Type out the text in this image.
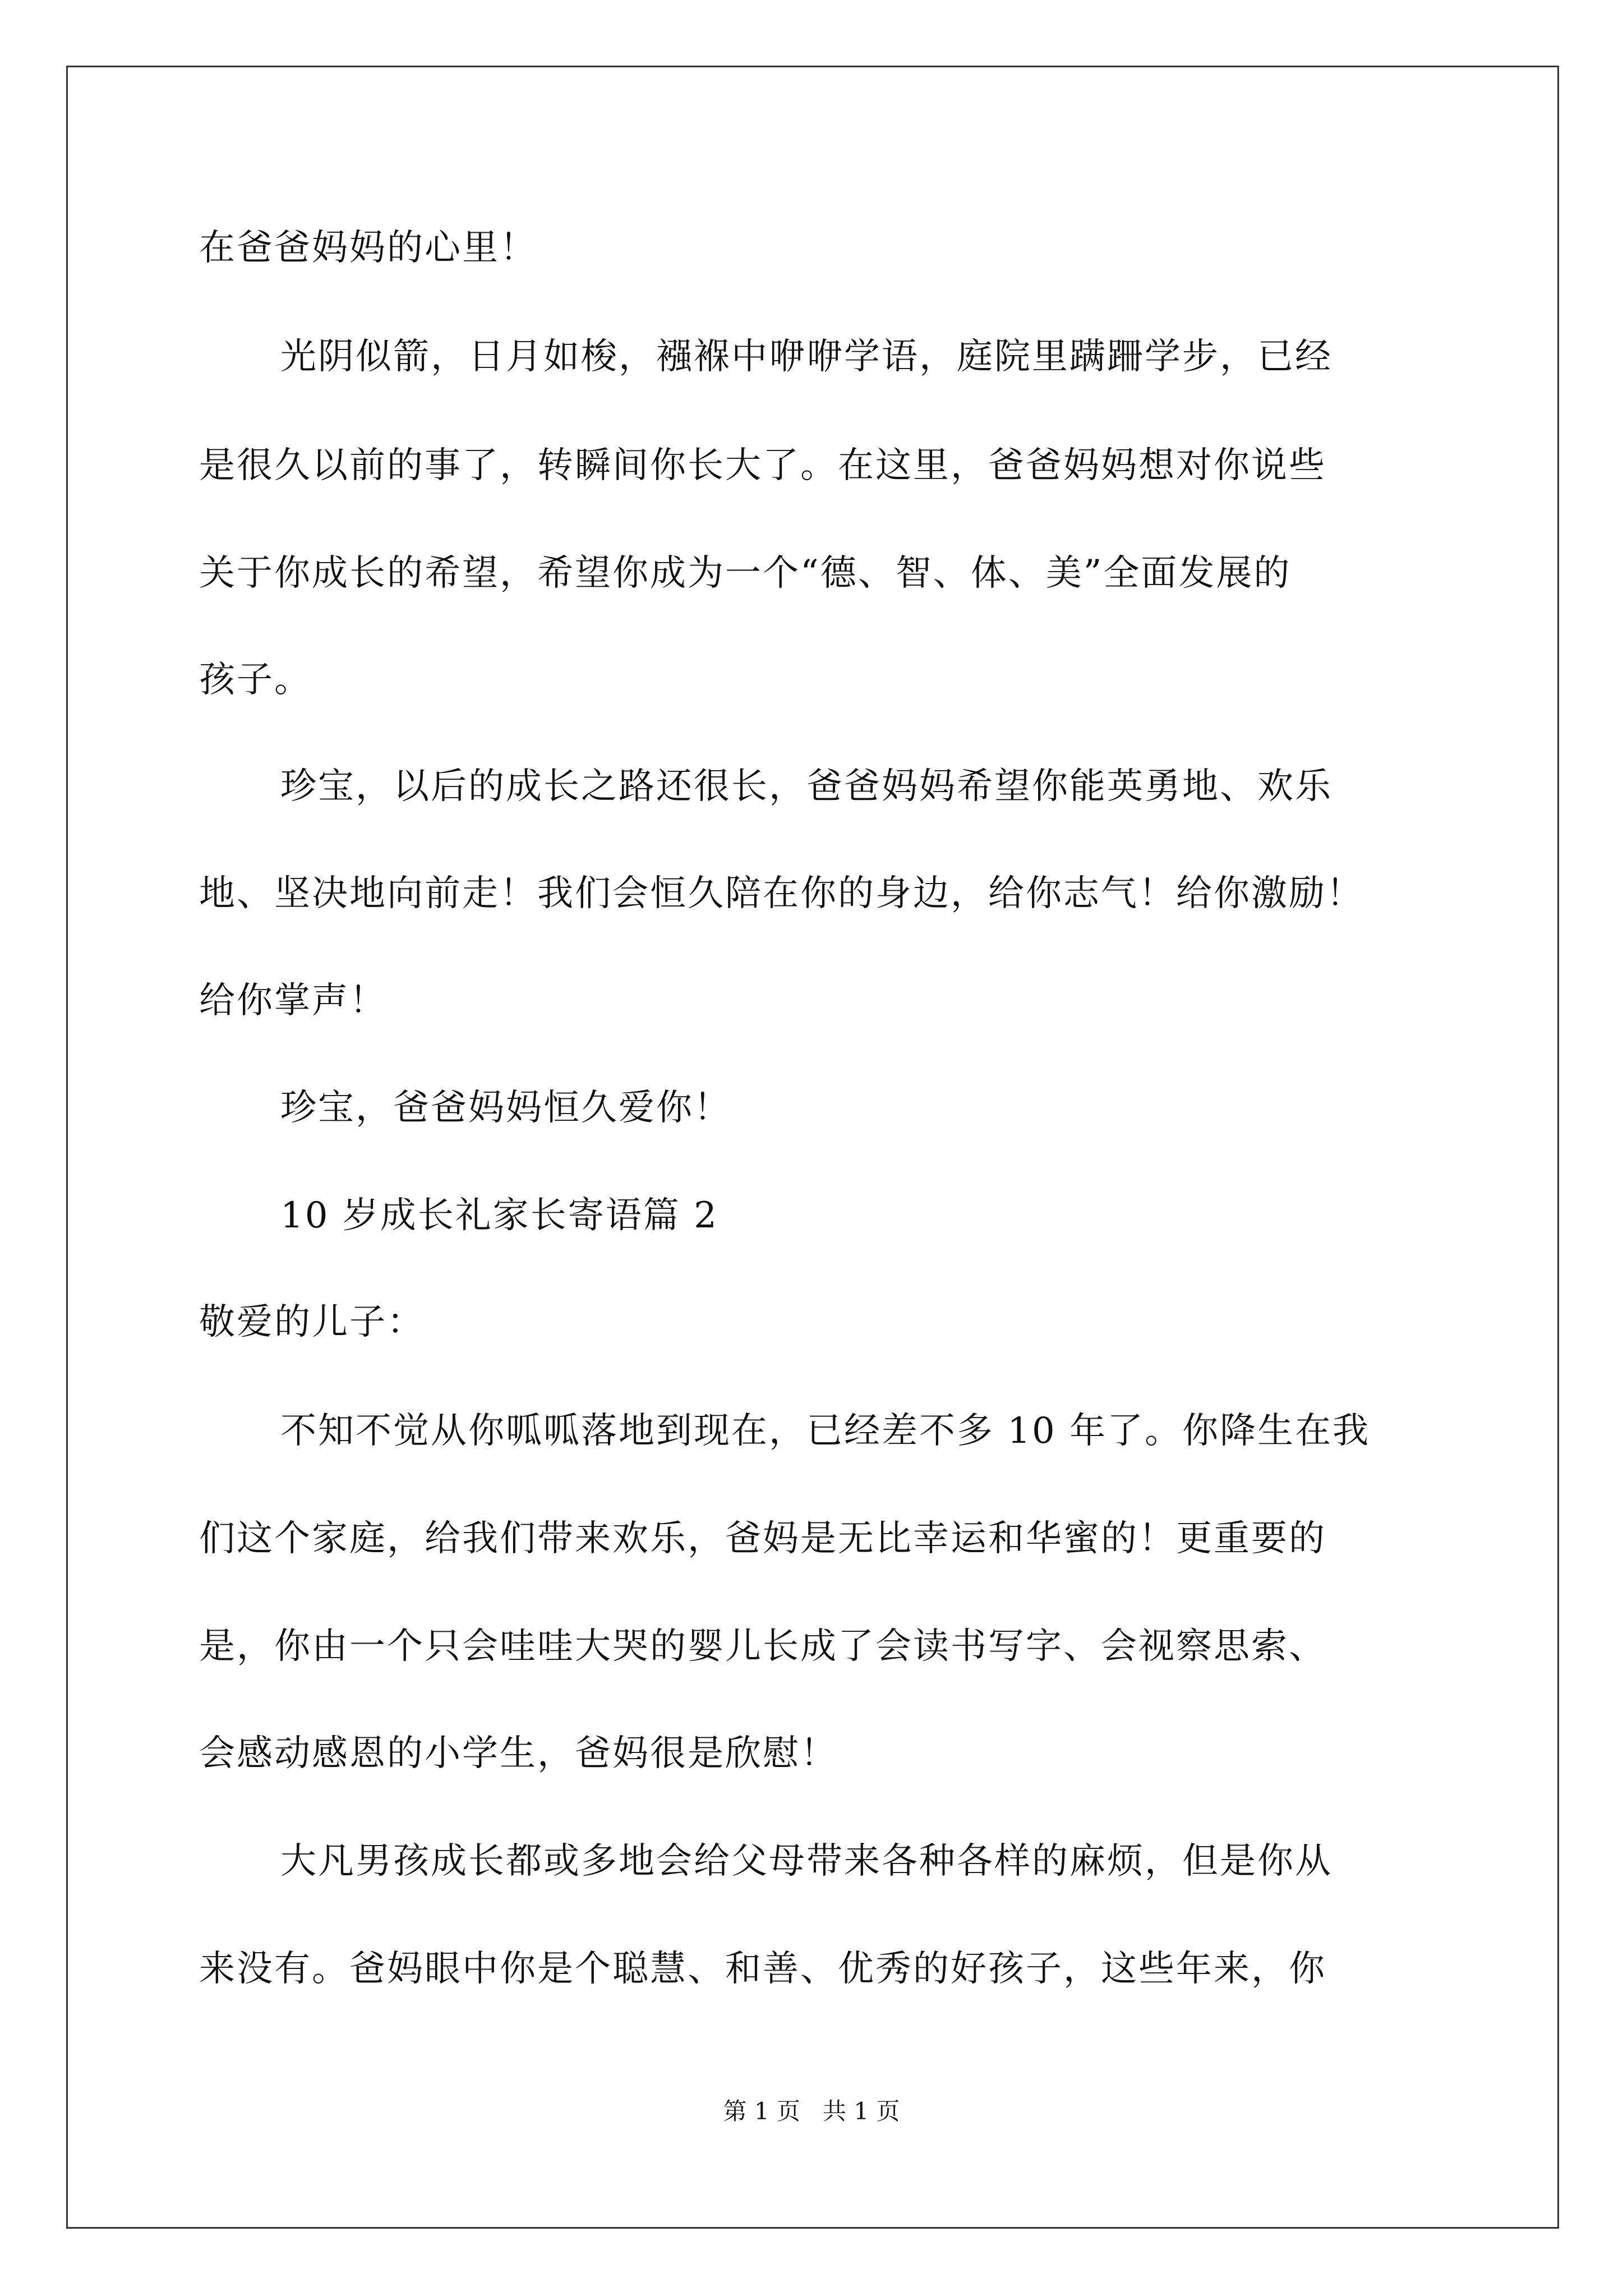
在爸爸妈妈的心里！
光阴似箭，日月如梭，襁褓中咿咿学语，庭院里蹒跚学步，已经
是很久以前的事了，转瞬间你长大了。在这里，爸爸妈妈想对你说些
关于你成长的希望，希望你成为一个“德、智、体、美”全面发展的
孩子。
珍宝，以后的成长之路还很长，爸爸妈妈希望你能英勇地、欢乐
地、坚决地向前走！我们会恒久陪在你的身边，给你志气！给你激励！
给你掌声！
珍宝，爸爸妈妈恒久爱你！
10 岁成长礼家长寄语篇 2
敬爱的儿子：
不知不觉从你呱呱落地到现在，已经差不多 10 年了。你降生在我
们这个家庭，给我们带来欢乐，爸妈是无比幸运和华蜜的！更重要的
是，你由一个只会哇哇大哭的婴儿长成了会读书写字、会视察思索、
会感动感恩的小学生，爸妈很是欣慰！
大凡男孩成长都或多地会给父母带来各种各样的麻烦，但是你从
来没有。爸妈眼中你是个聪慧、和善、优秀的好孩子，这些年来，你
第 1 页   共 1 页
